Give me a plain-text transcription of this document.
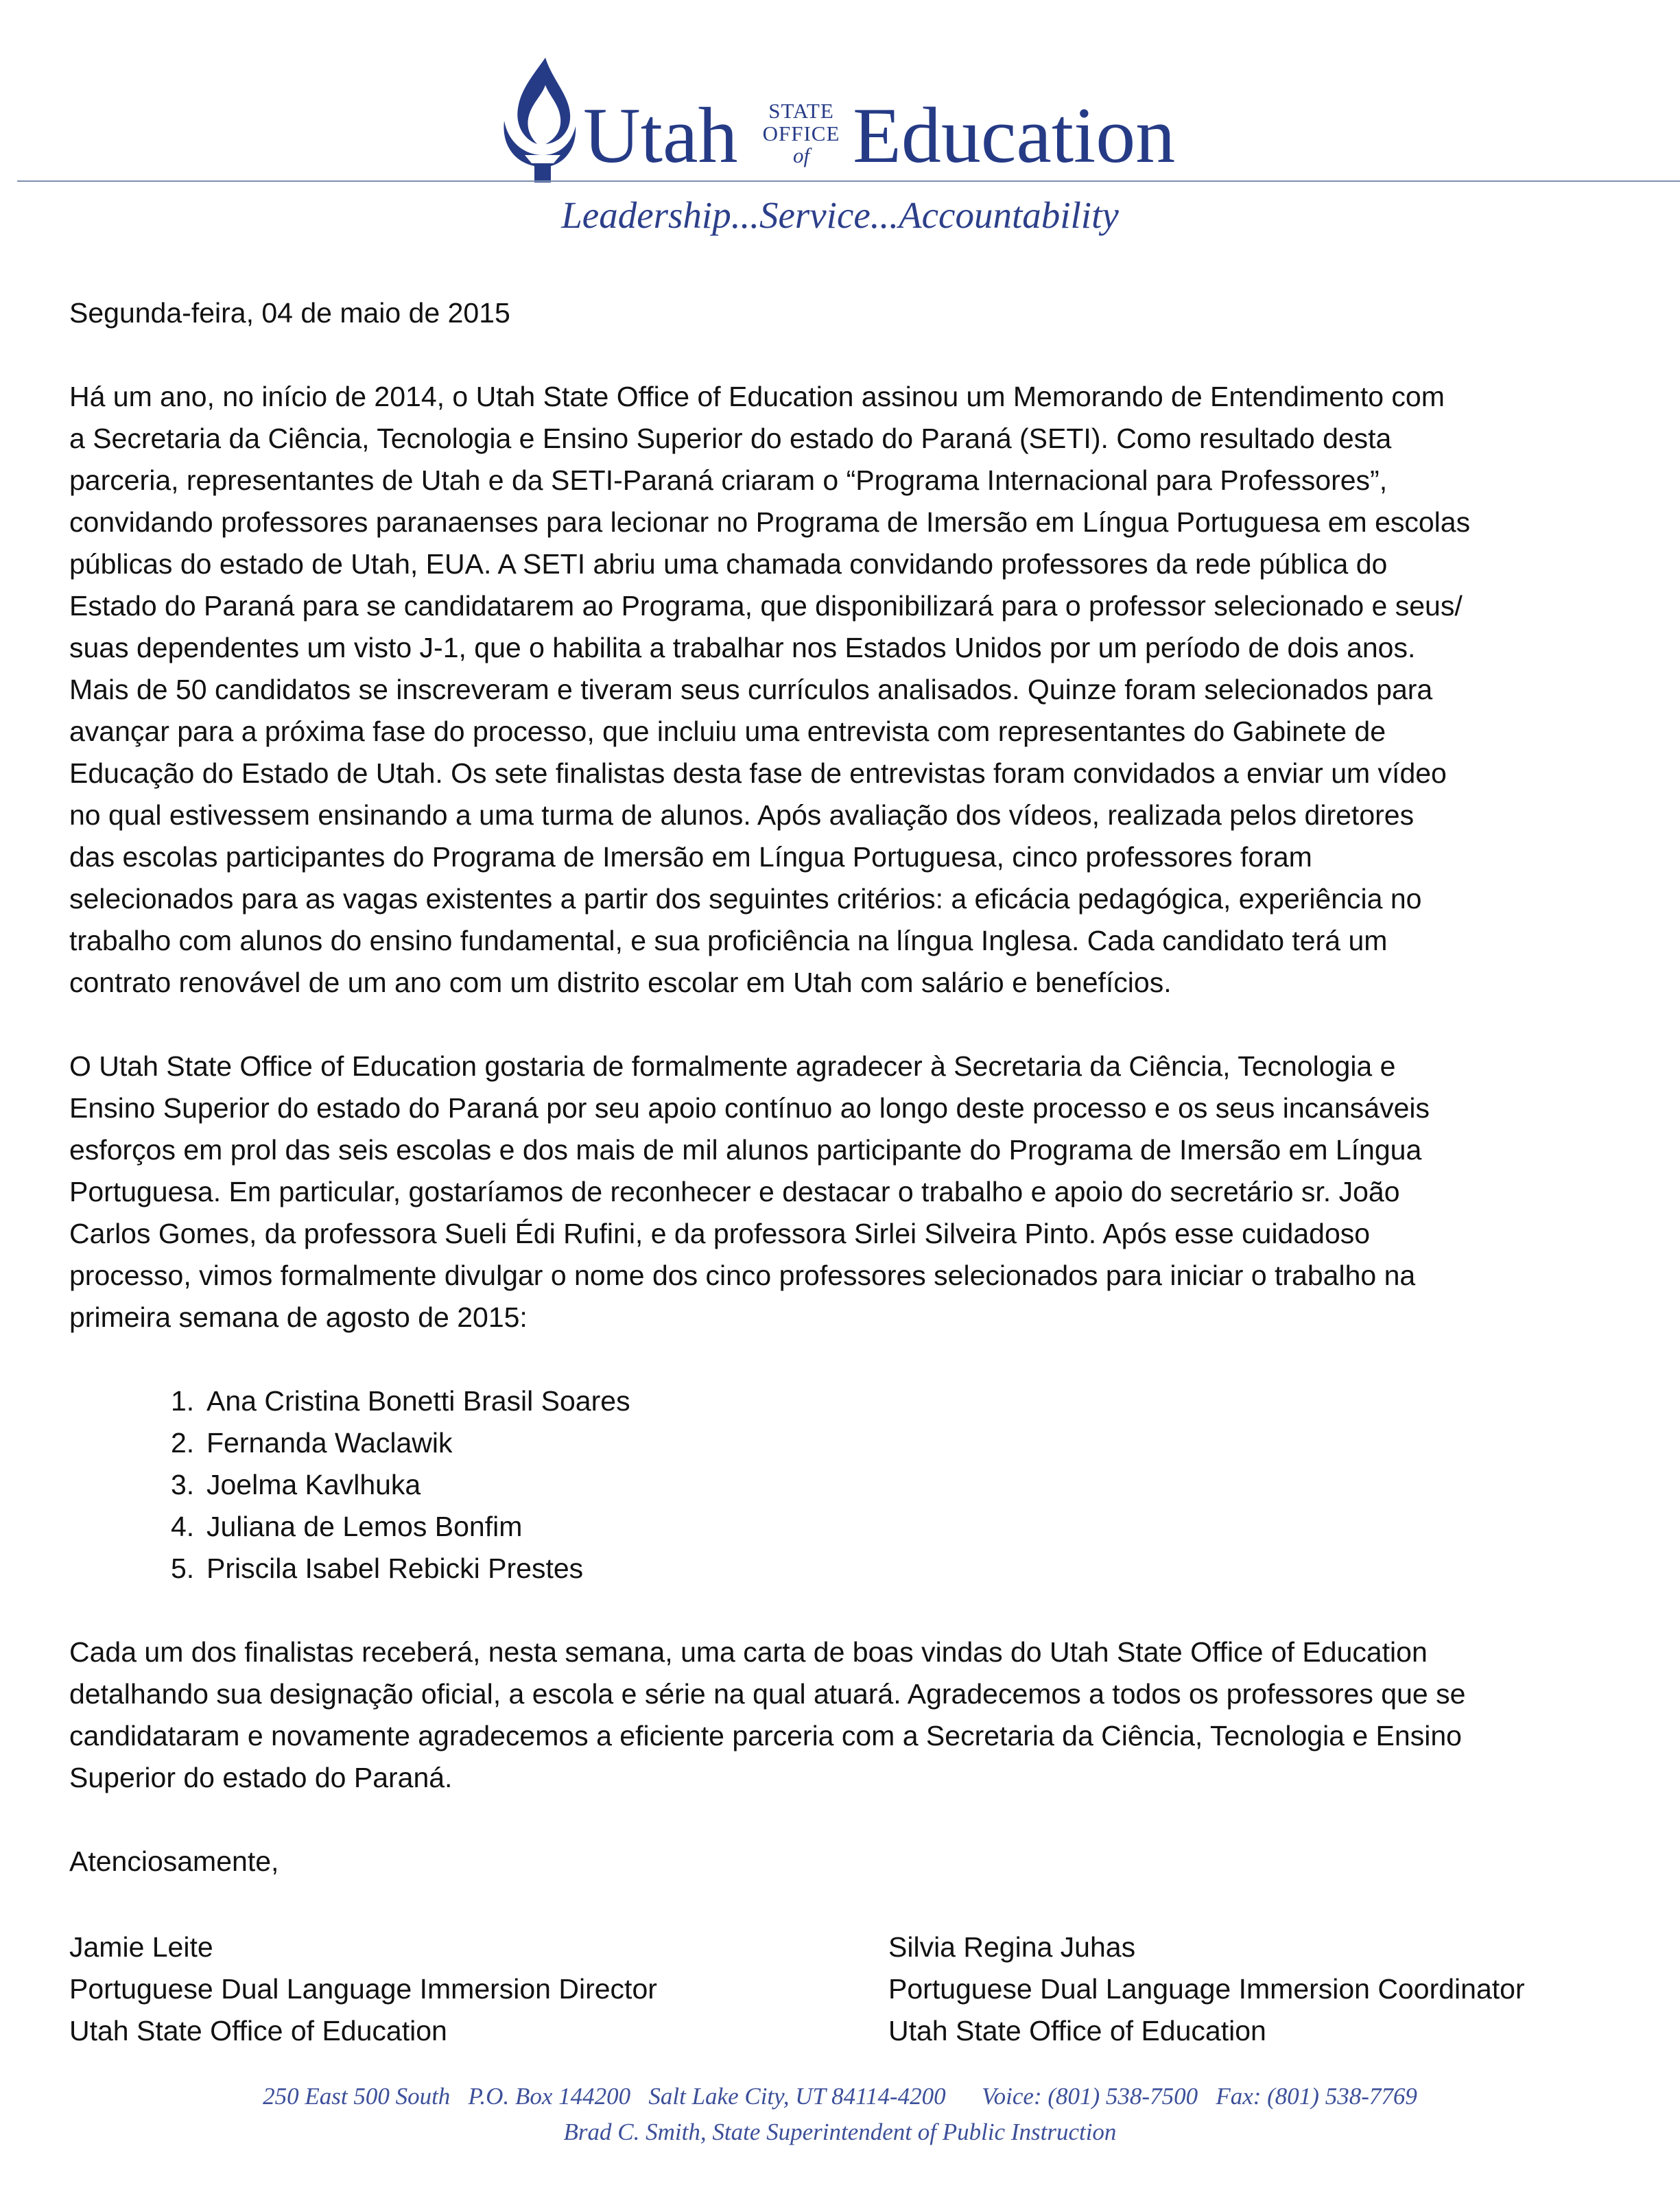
Utah	STATE
OFFICE
of Education
Leadership...Service...Accountability

Segunda-feira, 04 de maio de 2015

Há um ano, no início de 2014, o Utah State Office of Education assinou um Memorando de Entendimento com

a Secretaria da Ciência, Tecnologia e Ensino Superior do estado do Paraná (SETI). Como resultado desta

parceria, representantes de Utah e da SETI-Paraná criaram o “Programa Internacional para Professores”,

convidando professores paranaenses para lecionar no Programa de Imersão em Língua Portuguesa em escolas

públicas do estado de Utah, EUA. A SETI abriu uma chamada convidando professores da rede pública do

Estado do Paraná para se candidatarem ao Programa, que disponibilizará para o professor selecionado e seus/

suas dependentes um visto J-1, que o habilita a trabalhar nos Estados Unidos por um período de dois anos.

Mais de 50 candidatos se inscreveram e tiveram seus currículos analisados. Quinze foram selecionados para

avançar para a próxima fase do processo, que incluiu uma entrevista com representantes do Gabinete de

Educação do Estado de Utah. Os sete finalistas desta fase de entrevistas foram convidados a enviar um vídeo

no qual estivessem ensinando a uma turma de alunos. Após avaliação dos vídeos, realizada pelos diretores

das escolas participantes do Programa de Imersão em Língua Portuguesa, cinco professores foram

selecionados para as vagas existentes a partir dos seguintes critérios: a eficácia pedagógica, experiência no

trabalho com alunos do ensino fundamental, e sua proficiência na língua Inglesa. Cada candidato terá um

contrato renovável de um ano com um distrito escolar em Utah com salário e benefícios.

O Utah State Office of Education gostaria de formalmente agradecer à Secretaria da Ciência, Tecnologia e

Ensino Superior do estado do Paraná por seu apoio contínuo ao longo deste processo e os seus incansáveis

esforços em prol das seis escolas e dos mais de mil alunos participante do Programa de Imersão em Língua

Portuguesa. Em particular, gostaríamos de reconhecer e destacar o trabalho e apoio do secretário sr. João

Carlos Gomes, da professora Sueli Édi Rufini, e da professora Sirlei Silveira Pinto. Após esse cuidadoso

processo, vimos formalmente divulgar o nome dos cinco professores selecionados para iniciar o trabalho na

primeira semana de agosto de 2015:

1. Ana Cristina Bonetti Brasil Soares
2. Fernanda Waclawik
3. Joelma Kavlhuka
4. Juliana de Lemos Bonfim
5. Priscila Isabel Rebicki Prestes

Cada um dos finalistas receberá, nesta semana, uma carta de boas vindas do Utah State Office of Education

detalhando sua designação oficial, a escola e série na qual atuará. Agradecemos a todos os professores que se

candidataram e novamente agradecemos a eficiente parceria com a Secretaria da Ciência, Tecnologia e Ensino

Superior do estado do Paraná.

Atenciosamente,

Jamie Leite
Portuguese Dual Language Immersion Director
Utah State Office of Education
Silvia Regina Juhas
Portuguese Dual Language Immersion Coordinator
Utah State Office of Education
250 East 500 South   P.O. Box 144200   Salt Lake City, UT 84114-4200      Voice: (801) 538-7500   Fax: (801) 538-7769
Brad C. Smith, State Superintendent of Public Instruction
